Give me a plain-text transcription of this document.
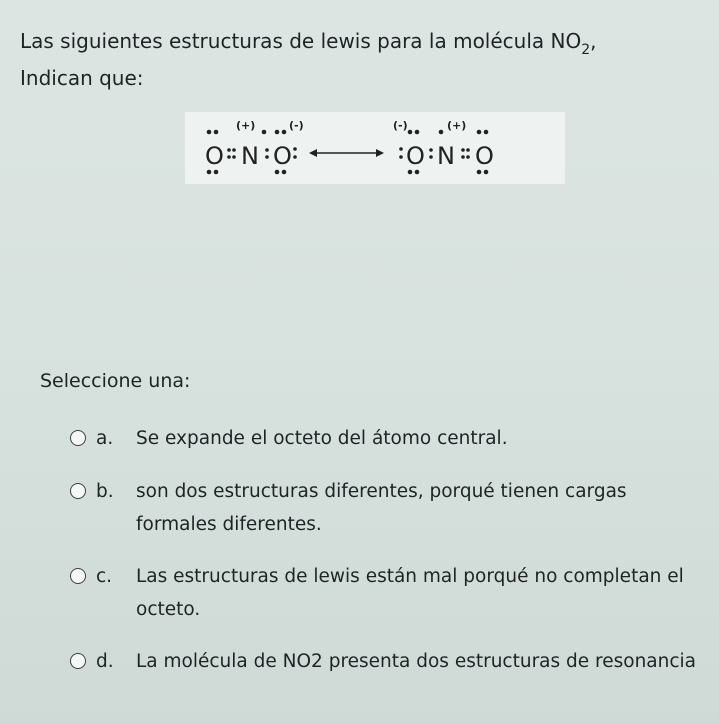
Las siguientes estructuras de lewis para la molécula $NO_2$,
Indican que:
O N
(+)
O
(-)	(-)
O N
(+)
O
Seleccione una:
a.	Se expande el octeto del átomo central.
b.	son dos estructuras diferentes, porqué tienen cargas formales diferentes.
c.	Las estructuras de lewis están mal porqué no completan el octeto.
d.	La molécula de NO2 presenta dos estructuras de resonancia
